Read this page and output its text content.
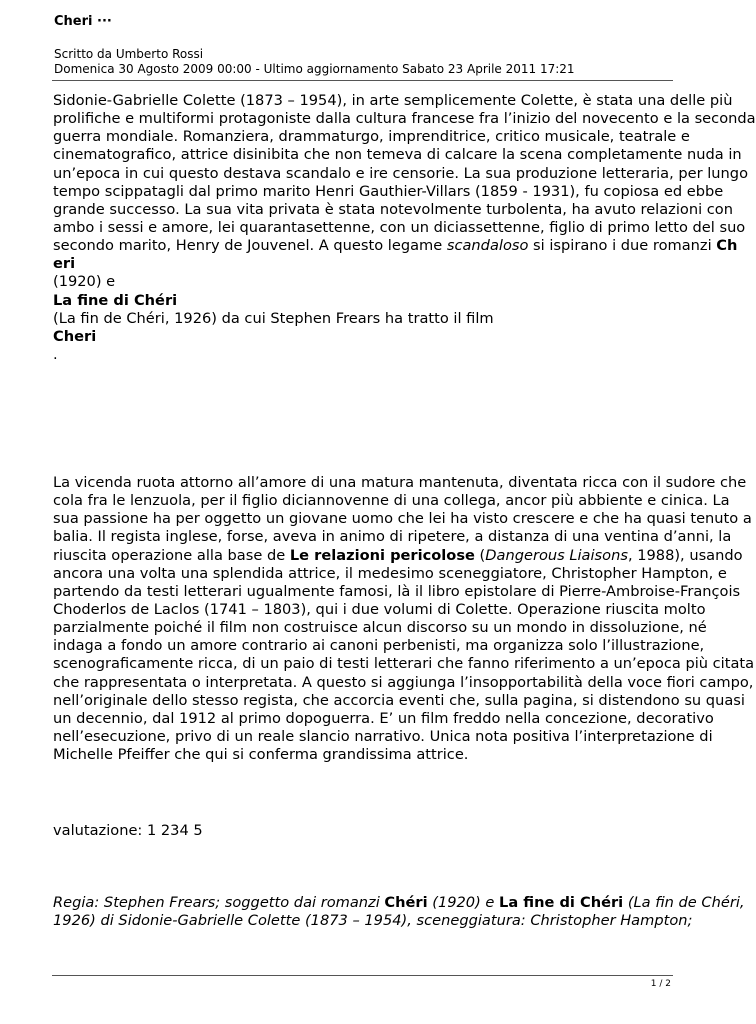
Cheri ···
Scritto da Umberto Rossi
Domenica 30 Agosto 2009 00:00 - Ultimo aggiornamento Sabato 23 Aprile 2011 17:21
Sidonie-Gabrielle Colette (1873 – 1954), in arte semplicemente Colette, è stata una delle più
prolifiche e multiformi protagoniste dalla cultura francese fra l’inizio del novecento e la seconda
guerra mondiale. Romanziera, drammaturgo, imprenditrice, critico musicale, teatrale e
cinematografico, attrice disinibita che non temeva di calcare la scena completamente nuda in
un’epoca in cui questo destava scandalo e ire censorie. La sua produzione letteraria, per lungo
tempo scippatagli dal primo marito Henri Gauthier-Villars (1859 - 1931), fu copiosa ed ebbe
grande successo. La sua vita privata è stata notevolmente turbolenta, ha avuto relazioni con
ambo i sessi e amore, lei quarantasettenne, con un diciassettenne, figlio di primo letto del suo
secondo marito, Henry de Jouvenel. A questo legame scandaloso si ispirano i due romanzi Ch
eri
(1920) e
La fine di Chéri
(La fin de Chéri, 1926) da cui Stephen Frears ha tratto il film
Cheri
.
La vicenda ruota attorno all’amore di una matura mantenuta, diventata ricca con il sudore che
cola fra le lenzuola, per il figlio diciannovenne di una collega, ancor più abbiente e cinica. La
sua passione ha per oggetto un giovane uomo che lei ha visto crescere e che ha quasi tenuto a
balia. Il regista inglese, forse, aveva in animo di ripetere, a distanza di una ventina d’anni, la
riuscita operazione alla base de Le relazioni pericolose (Dangerous Liaisons, 1988), usando
ancora una volta una splendida attrice, il medesimo sceneggiatore, Christopher Hampton, e
partendo da testi letterari ugualmente famosi, là il libro epistolare di Pierre-Ambroise-François
Choderlos de Laclos (1741 – 1803), qui i due volumi di Colette. Operazione riuscita molto
parzialmente poiché il film non costruisce alcun discorso su un mondo in dissoluzione, né
indaga a fondo un amore contrario ai canoni perbenisti, ma organizza solo l’illustrazione,
scenograficamente ricca, di un paio di testi letterari che fanno riferimento a un’epoca più citata
che rappresentata o interpretata. A questo si aggiunga l’insopportabilità della voce fiori campo,
nell’originale dello stesso regista, che accorcia eventi che, sulla pagina, si distendono su quasi
un decennio, dal 1912 al primo dopoguerra. E’ un film freddo nella concezione, decorativo
nell’esecuzione, privo di un reale slancio narrativo. Unica nota positiva l’interpretazione di
Michelle Pfeiffer che qui si conferma grandissima attrice.
valutazione: 1 234 5
Regia: Stephen Frears; soggetto dai romanzi Chéri (1920) e La fine di Chéri (La fin de Chéri,
1926) di Sidonie-Gabrielle Colette (1873 – 1954), sceneggiatura: Christopher Hampton;
1 / 2
